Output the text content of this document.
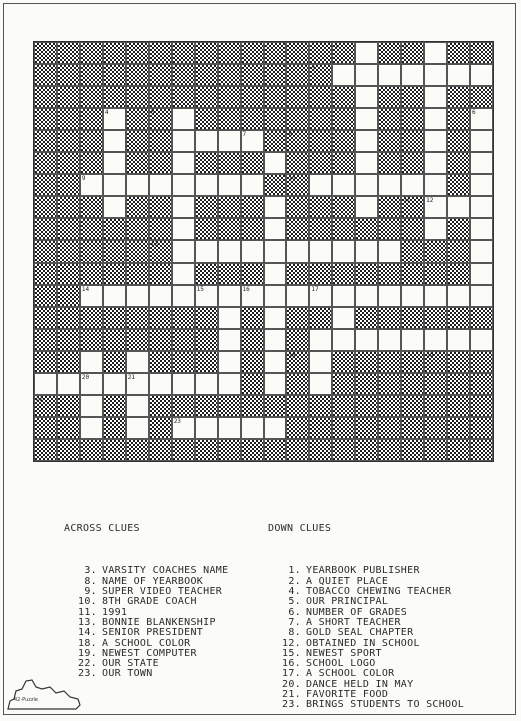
1	2
3
4	5	6
7	8
9	10
11	12
13
14	15	16	17
18	19
20	21
22
23

ACROSS CLUES

3. VARSITY COACHES NAME
8. NAME OF YEARBOOK
9. SUPER VIDEO TEACHER
10. 8TH GRADE COACH
11. 1991
13. BONNIE BLANKENSHIP
14. SENIOR PRESIDENT
18. A SCHOOL COLOR
19. NEWEST COMPUTER
22. OUR STATE
23. OUR TOWN

DOWN CLUES

1. YEARBOOK PUBLISHER
2. A QUIET PLACE
4. TOBACCO CHEWING TEACHER
5. OUR PRINCIPAL
6. NUMBER OF GRADES
7. A SHORT TEACHER
8. GOLD SEAL CHAPTER
12. OBTAINED IN SCHOOL
15. NEWEST SPORT
16. SCHOOL LOGO
17. A SCHOOL COLOR
20. DANCE HELD IN MAY
21. FAVORITE FOOD
23. BRINGS STUDENTS TO SCHOOL

42-Puzzle
